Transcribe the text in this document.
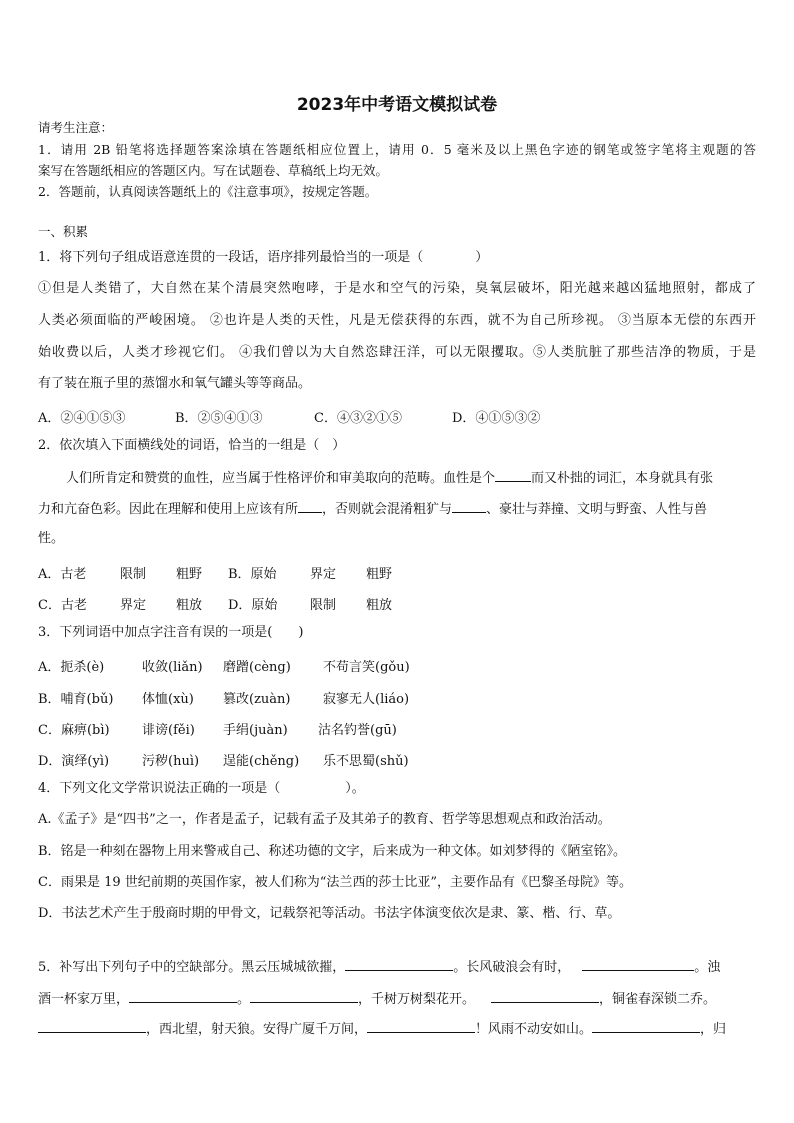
2023年中考语文模拟试卷
请考生注意：
1．请用 2B 铅笔将选择题答案涂填在答题纸相应位置上，请用 0．5 毫米及以上黑色字迹的钢笔或签字笔将主观题的答
案写在答题纸相应的答题区内。写在试题卷、草稿纸上均无效。
2．答题前，认真阅读答题纸上的《注意事项》，按规定答题。
一、积累
1．将下列句子组成语意连贯的一段话，语序排列最恰当的一项是（　　　　）
①但是人类错了，大自然在某个清晨突然咆哮，于是水和空气的污染，臭氧层破坏，阳光越来越凶猛地照射，都成了
人类必须面临的严峻困境。 ②也许是人类的天性，凡是无偿获得的东西，就不为自己所珍视。 ③当原本无偿的东西开
始收费以后，人类才珍视它们。 ④我们曾以为大自然恣肆汪洋，可以无限攫取。⑤人类肮脏了那些洁净的物质，于是
有了装在瓶子里的蒸馏水和氧气罐头等等商品。
A．②④①⑤③	B．②⑤④①③	C．④③②①⑤	D．④①⑤③②
2．依次填入下面横线处的词语，恰当的一组是（　）
人们所肯定和赞赏的血性，应当属于性格评价和审美取向的范畴。血性是个	而又朴拙的词汇，本身就具有张
力和亢奋色彩。因此在理解和使用上应该有所 ，否则就会混淆粗犷与	、豪壮与莽撞、文明与野蛮、人性与兽
性。
A．古老	限制 粗野 B．原始	界定 粗野
C．古老	界定 粗放 D．原始	限制 粗放
3．下列词语中加点字注音有误的一项是(　　)
A．扼杀(è)	收敛(liǎn) 磨蹭(cèng) 不苟言笑(gǒu)
B．哺育(bǔ) 体恤(xù) 篡改(zuàn)	寂寥无人(liáo)
C．麻痹(bì) 诽谤(fěi) 手绢(juàn) 沽名钓誉(gū)
D．演绎(yì)	污秽(huì) 逞能(chěng) 乐不思蜀(shǔ)
4．下列文化文学常识说法正确的一项是（　　　　　）。
A.《孟子》是“四书”之一，作者是孟子，记载有孟子及其弟子的教育、哲学等思想观点和政治活动。
B．铭是一种刻在器物上用来警戒自己、称述功德的文字，后来成为一种文体。如刘梦得的《陋室铭》。
C．雨果是 19 世纪前期的英国作家，被人们称为“法兰西的莎士比亚”，主要作品有《巴黎圣母院》等。
D．书法艺术产生于殷商时期的甲骨文，记载祭祀等活动。书法字体演变依次是隶、篆、楷、行、草。
5．补写出下列句子中的空缺部分。黑云压城城欲摧，	。长风破浪会有时，	。浊
酒一杯家万里，	。	，千树万树梨花开。	，铜雀春深锁二乔。
，西北望，射天狼。安得广厦千万间，	！风雨不动安如山。	，归
